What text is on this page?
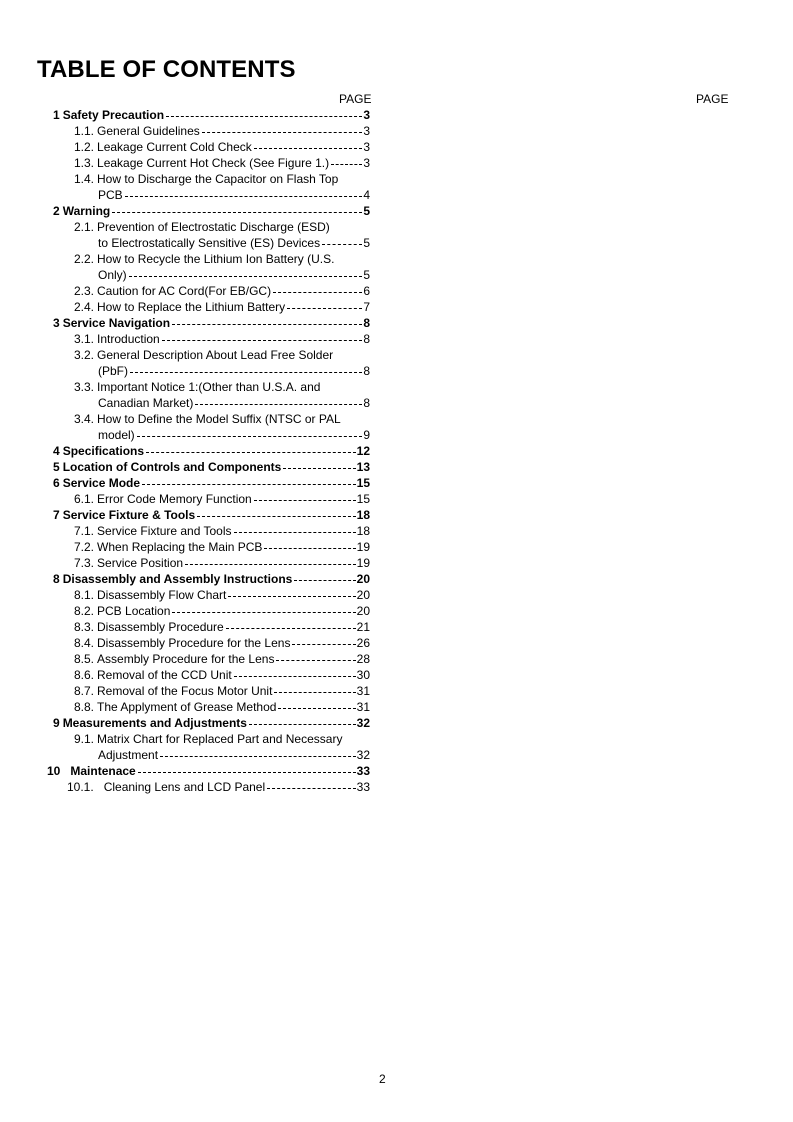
TABLE OF CONTENTS
PAGE	PAGE
1 Safety Precaution	3
1.1. General Guidelines	3
1.2. Leakage Current Cold Check	3
1.3. Leakage Current Hot Check (See Figure 1.)	3
1.4. How to Discharge the Capacitor on Flash Top
PCB	4
2 Warning	5
2.1. Prevention of Electrostatic Discharge (ESD)
to Electrostatically Sensitive (ES) Devices	5
2.2. How to Recycle the Lithium Ion Battery (U.S.
Only)	5
2.3. Caution for AC Cord(For EB/GC)	6
2.4. How to Replace the Lithium Battery	7
3 Service Navigation	8
3.1. Introduction	8
3.2. General Description About Lead Free Solder
(PbF)	8
3.3. Important Notice 1:(Other than U.S.A. and
Canadian Market)	8
3.4. How to Define the Model Suffix (NTSC or PAL
model)	9
4 Specifications	12
5 Location of Controls and Components	13
6 Service Mode	15
6.1. Error Code Memory Function	15
7 Service Fixture & Tools	18
7.1. Service Fixture and Tools	18
7.2. When Replacing the Main PCB	19
7.3. Service Position	19
8 Disassembly and Assembly Instructions	20
8.1. Disassembly Flow Chart	20
8.2. PCB Location	20
8.3. Disassembly Procedure	21
8.4. Disassembly Procedure for the Lens	26
8.5. Assembly Procedure for the Lens	28
8.6. Removal of the CCD Unit	30
8.7. Removal of the Focus Motor Unit	31
8.8. The Applyment of Grease Method	31
9 Measurements and Adjustments	32
9.1. Matrix Chart for Replaced Part and Necessary
Adjustment	32
10 Maintenace	33
10.1. Cleaning Lens and LCD Panel	33
2
